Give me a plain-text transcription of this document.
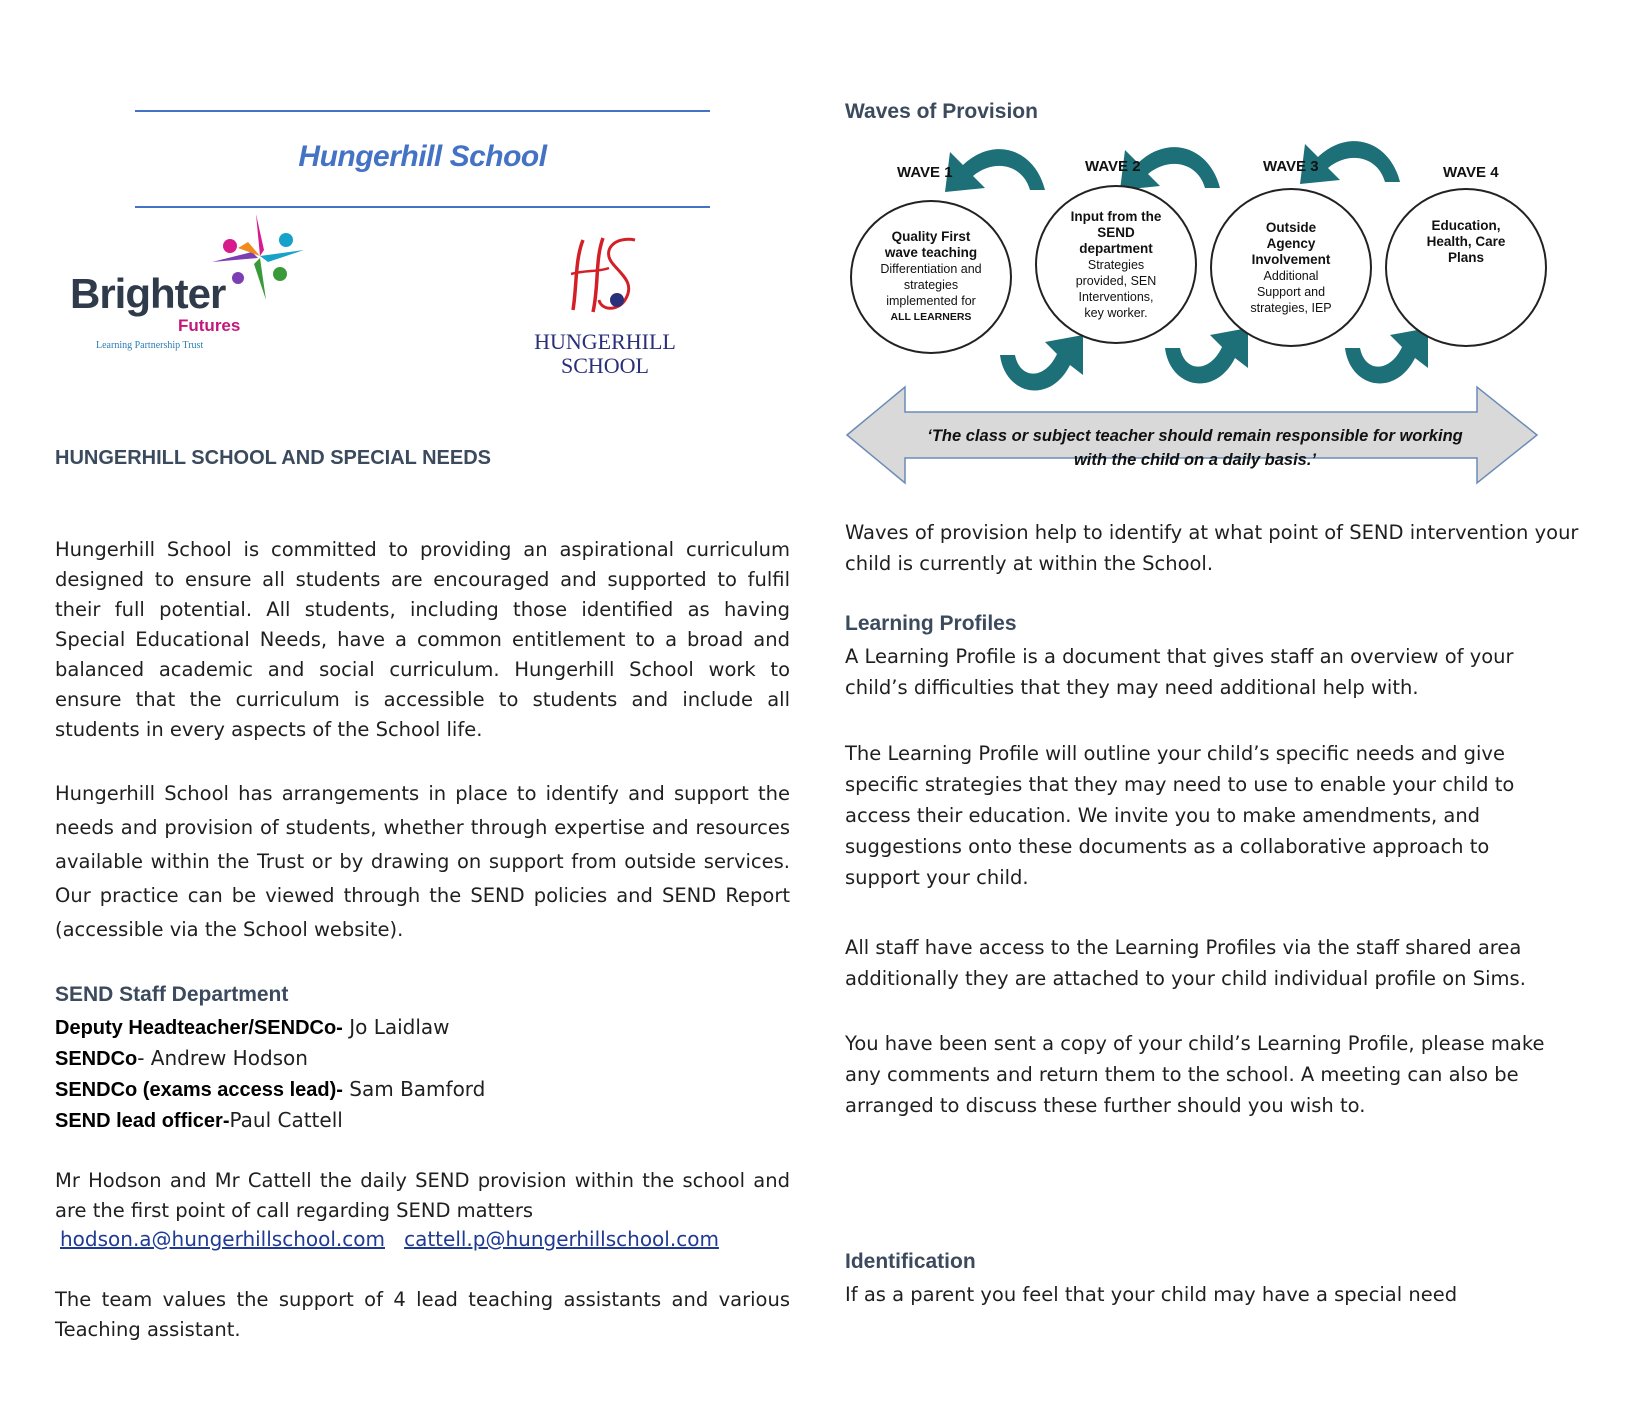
Hungerhill School
Brighter
Futures
Learning Partnership Trust	HUNGERHILL
SCHOOL
HUNGERHILL SCHOOL AND SPECIAL NEEDS
Hungerhill School is committed to providing an aspirational curriculum designed to ensure all students are encouraged and supported to fulfil their full potential. All students, including those identified as having Special Educational Needs, have a common entitlement to a broad and balanced academic and social curriculum. Hungerhill School work to ensure that the curriculum is accessible to students and include all students in every aspects of the School life.
Hungerhill School has arrangements in place to identify and support the needs and provision of students, whether through expertise and resources available within the Trust or by drawing on support from outside services. Our practice can be viewed through the SEND policies and SEND Report (accessible via the School website).
SEND Staff Department
Deputy Headteacher/SENDCo- Jo Laidlaw
SENDCo- Andrew Hodson
SENDCo (exams access lead)- Sam Bamford
SEND lead officer-Paul Cattell
Mr Hodson and Mr Cattell the daily SEND provision within the school and are the first point of call regarding SEND matters
hodson.a@hungerhillschool.com cattell.p@hungerhillschool.com
The team values the support of 4 lead teaching assistants and various Teaching assistant.
Waves of Provision
WAVE 1	WAVE 2	WAVE 3	WAVE 4
Quality First wave teaching
Differentiation and strategies implemented for
ALL LEARNERS
Input from the SEND department
Strategies provided, SEN Interventions, key worker.
Outside Agency Involvement
Additional Support and strategies, IEP
Education, Health, Care Plans
‘The class or subject teacher should remain responsible for working
with the child on a daily basis.’
Waves of provision help to identify at what point of SEND intervention your child is currently at within the School.
Learning Profiles
A Learning Profile is a document that gives staff an overview of your child’s difficulties that they may need additional help with.
The Learning Profile will outline your child’s specific needs and give specific strategies that they may need to use to enable your child to access their education. We invite you to make amendments, and suggestions onto these documents as a collaborative approach to support your child.
All staff have access to the Learning Profiles via the staff shared area additionally they are attached to your child individual profile on Sims.
You have been sent a copy of your child’s Learning Profile, please make any comments and return them to the school. A meeting can also be arranged to discuss these further should you wish to.
Identification
If as a parent you feel that your child may have a special need
